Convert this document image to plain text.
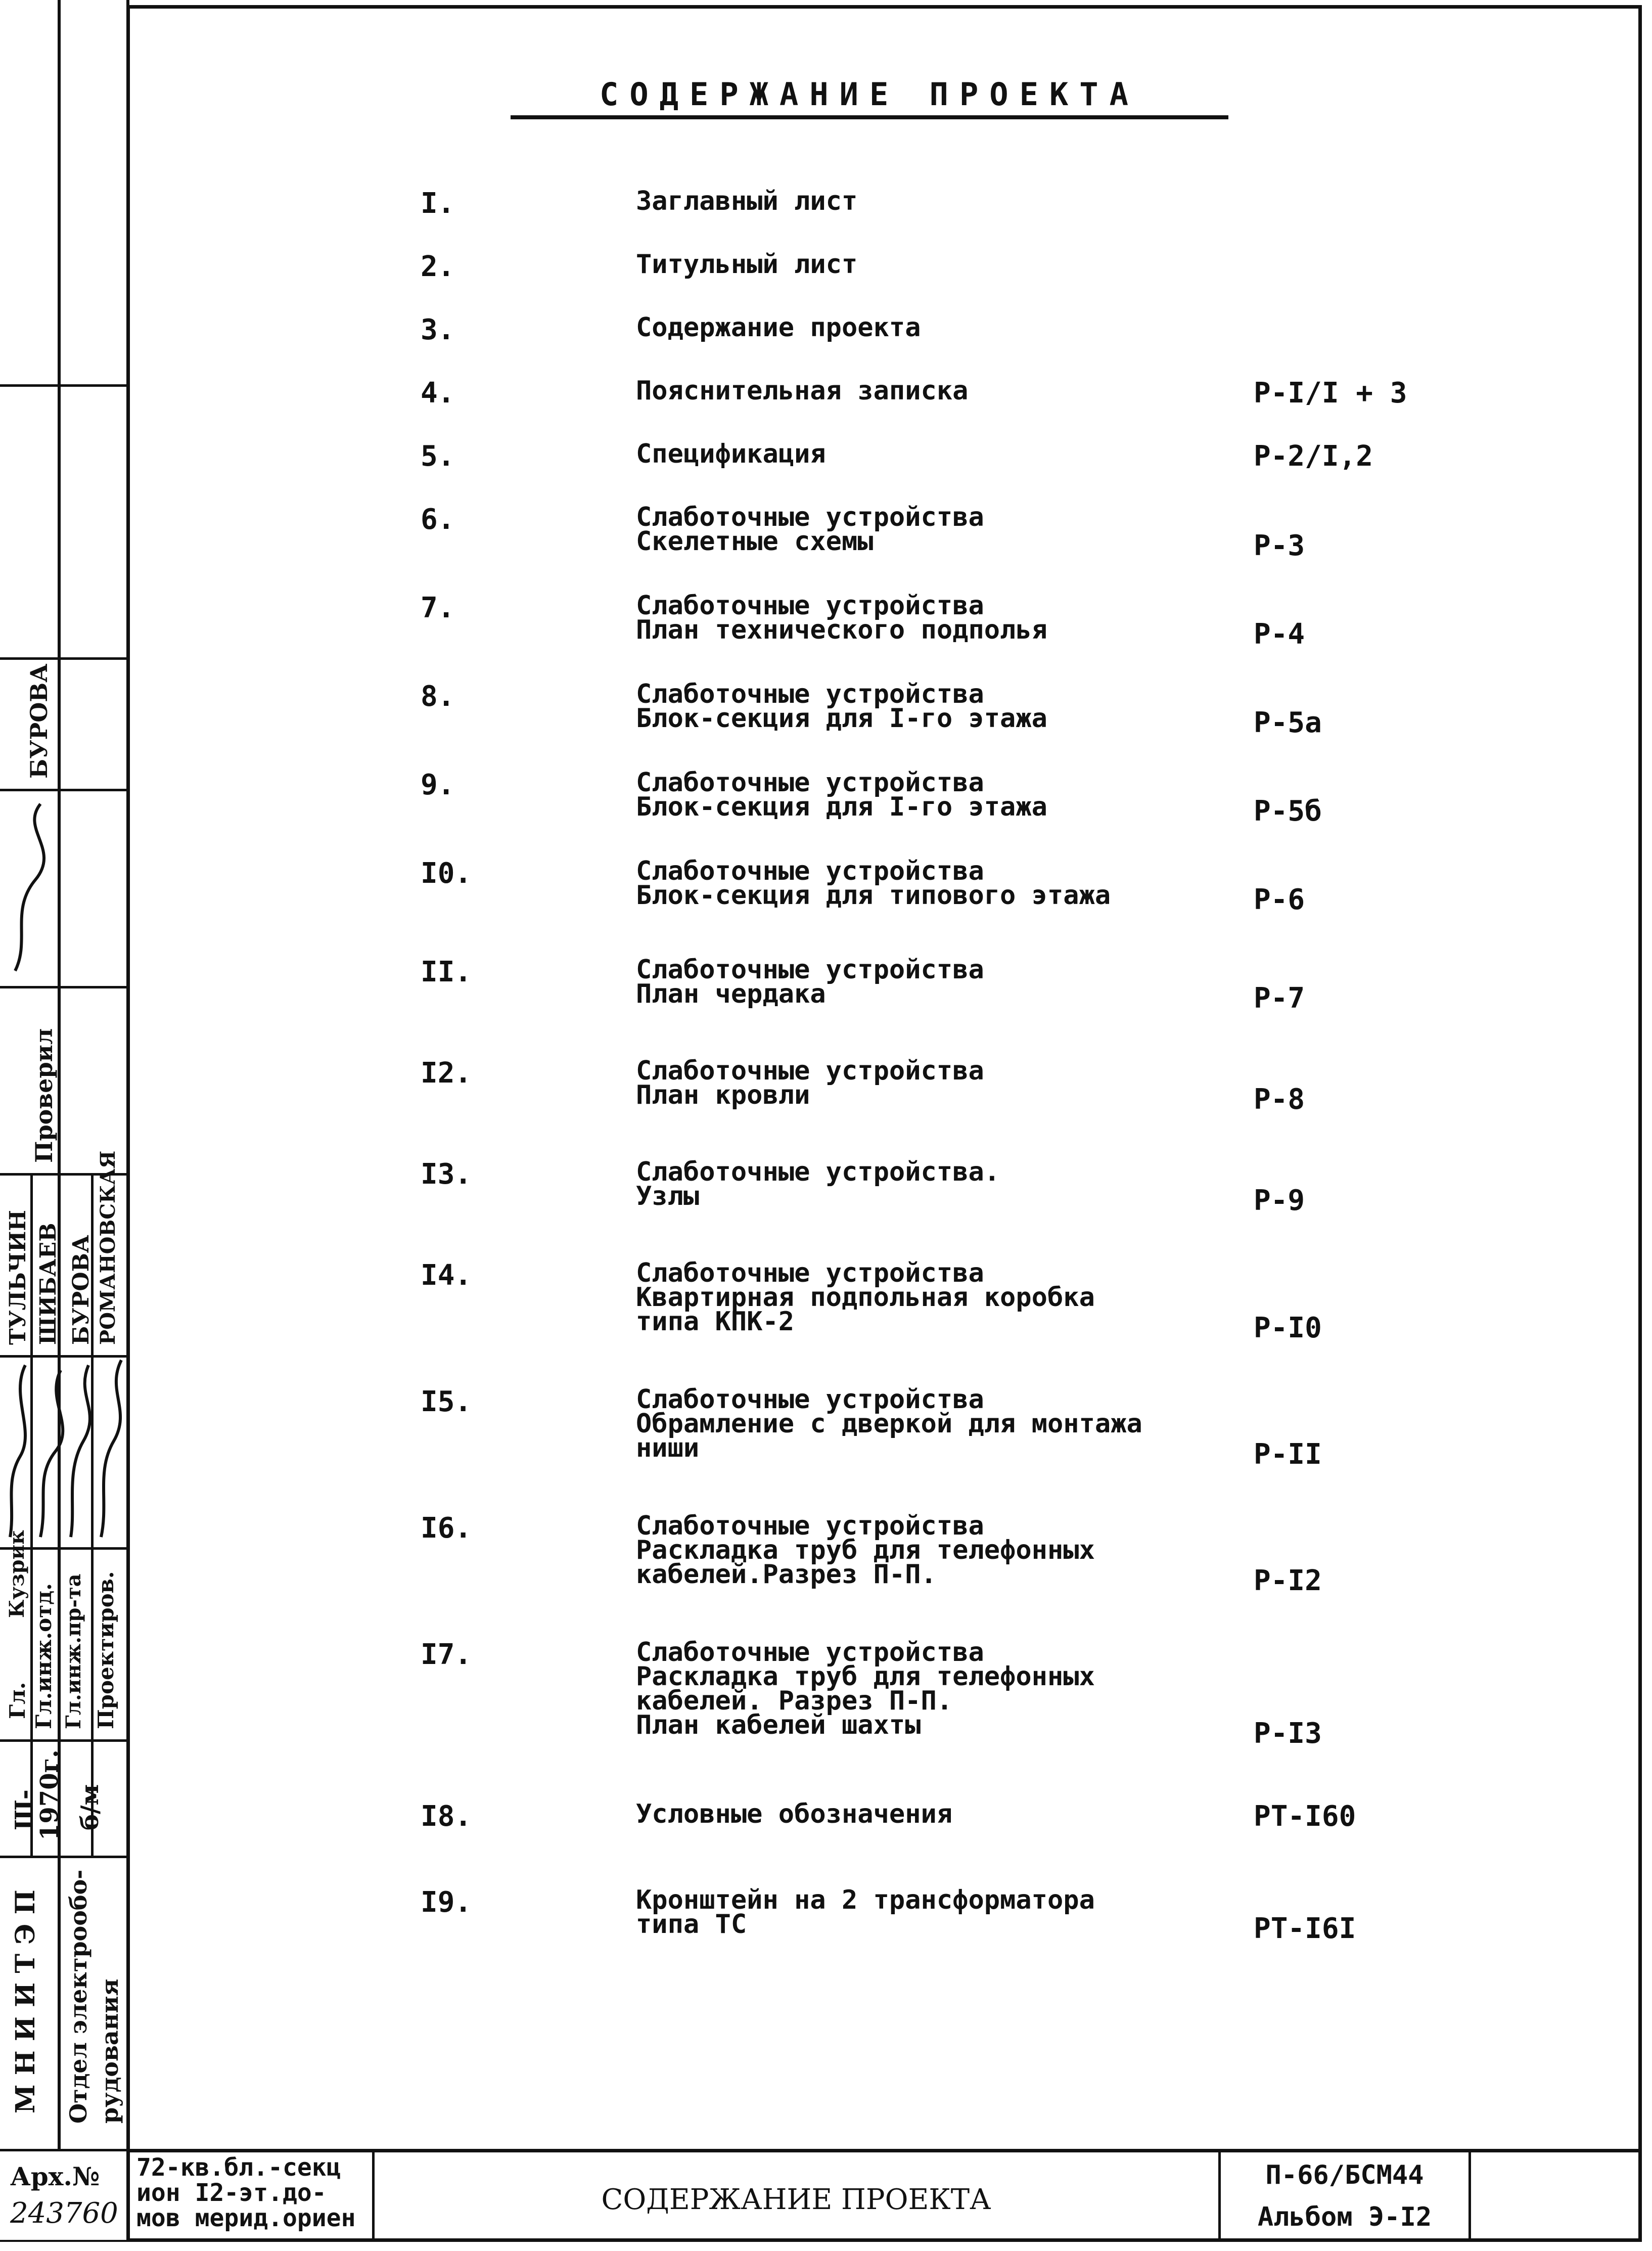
М Н И И Т Э П Отдел электрообо- рудования
Ш-
1970г. б/м
Гл. Гл.инж.отд. Гл.инж.пр-та Проектиров.
Кузрик
ТУЛЬЧИН ШИБАЕВ БУРОВА РОМАНОВСКАЯ
Проверил
БУРОВА
СОДЕРЖАНИЕ ПРОЕКТА
I.	Заглавный лист
2.	Титульный лист
3.	Содержание проекта
4.	Пояснительная записка	Р-I/I + 3
5.	Спецификация	Р-2/I,2
6.	Слаботочные устройства
Скелетные схемы	Р-3
7.	Слаботочные устройства
План технического подполья	Р-4
8.	Слаботочные устройства
Блок-секция для I-го этажа	Р-5а
9.	Слаботочные устройства
Блок-секция для I-го этажа	Р-5б
I0.	Слаботочные устройства
Блок-секция для типового этажа	Р-6
II.	Слаботочные устройства
План чердака	Р-7
I2.	Слаботочные устройства
План кровли	Р-8
I3.	Слаботочные устройства.
Узлы	Р-9
I4.	Слаботочные устройства
Квартирная подпольная коробка
типа КПК-2	Р-I0
I5.	Слаботочные устройства
Обрамление с дверкой для монтажа
ниши	Р-II
I6.	Слаботочные устройства
Раскладка труб для телефонных
кабелей.Разрез П-П.	Р-I2
I7.	Слаботочные устройства
Раскладка труб для телефонных
кабелей. Разрез П-П.
План кабелей шахты	Р-I3
I8.	Условные обозначения	РТ-I60
I9.	Кронштейн на 2 трансформатора
типа ТС	РТ-I6I
Арх.№
243760
72-кв.бл.-секц
ион I2-эт.до-
мов мерид.ориен
СОДЕРЖАНИЕ ПРОЕКТА
П-66/БСМ44
Альбом Э-I2
